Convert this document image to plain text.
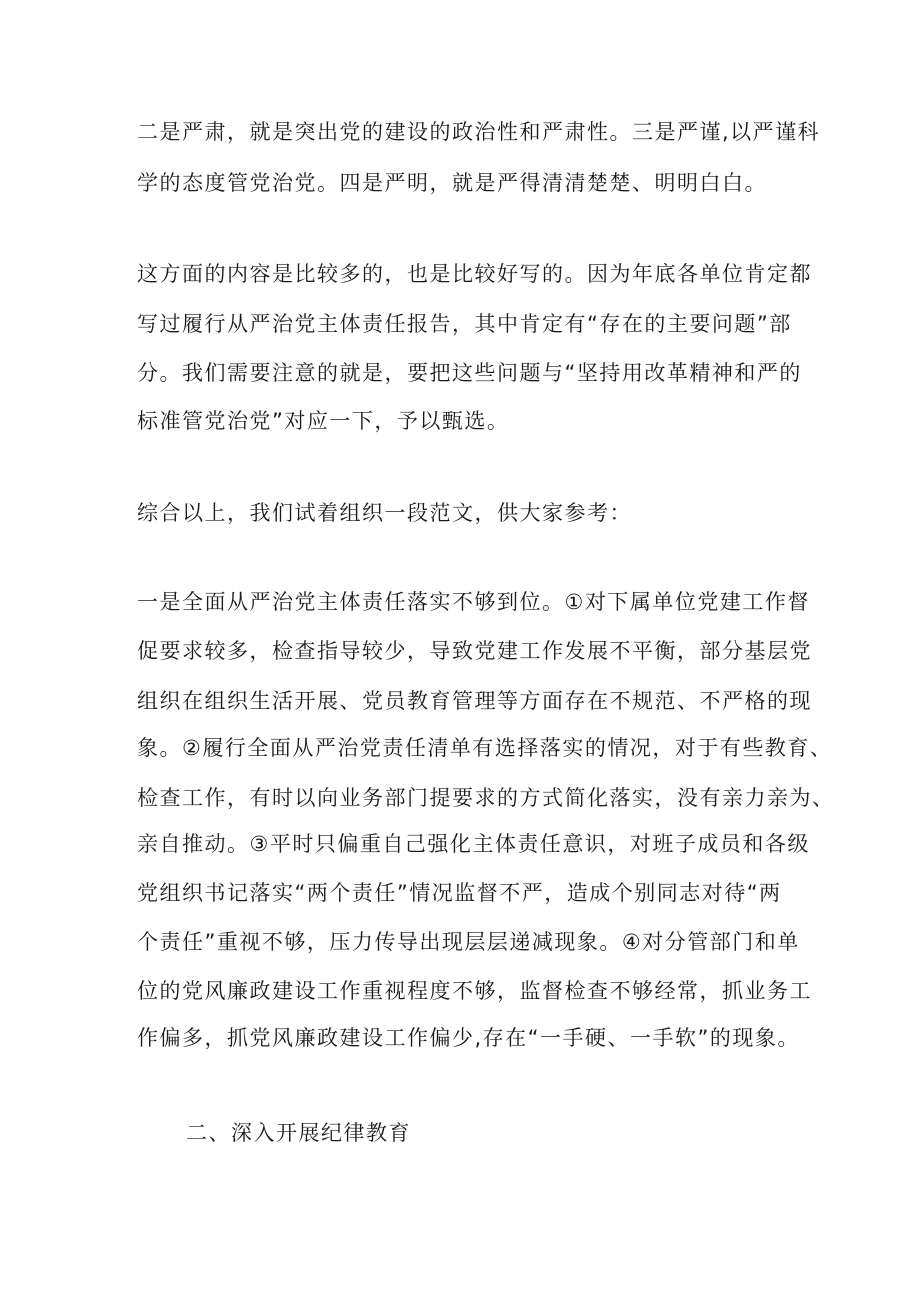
二是严肃，就是突出党的建设的政治性和严肃性。三是严谨,以严谨科
学的态度管党治党。四是严明，就是严得清清楚楚、明明白白。
这方面的内容是比较多的，也是比较好写的。因为年底各单位肯定都
写过履行从严治党主体责任报告，其中肯定有“存在的主要问题”部
分。我们需要注意的就是，要把这些问题与“坚持用改革精神和严的
标准管党治党”对应一下，予以甄选。
综合以上，我们试着组织一段范文，供大家参考：
一是全面从严治党主体责任落实不够到位。①对下属单位党建工作督
促要求较多，检查指导较少，导致党建工作发展不平衡，部分基层党
组织在组织生活开展、党员教育管理等方面存在不规范、不严格的现
象。②履行全面从严治党责任清单有选择落实的情况，对于有些教育、
检查工作，有时以向业务部门提要求的方式简化落实，没有亲力亲为、
亲自推动。③平时只偏重自己强化主体责任意识，对班子成员和各级
党组织书记落实“两个责任”情况监督不严，造成个别同志对待“两
个责任”重视不够，压力传导出现层层递减现象。④对分管部门和单
位的党风廉政建设工作重视程度不够，监督检查不够经常，抓业务工
作偏多，抓党风廉政建设工作偏少,存在“一手硬、一手软”的现象。
二、深入开展纪律教育
